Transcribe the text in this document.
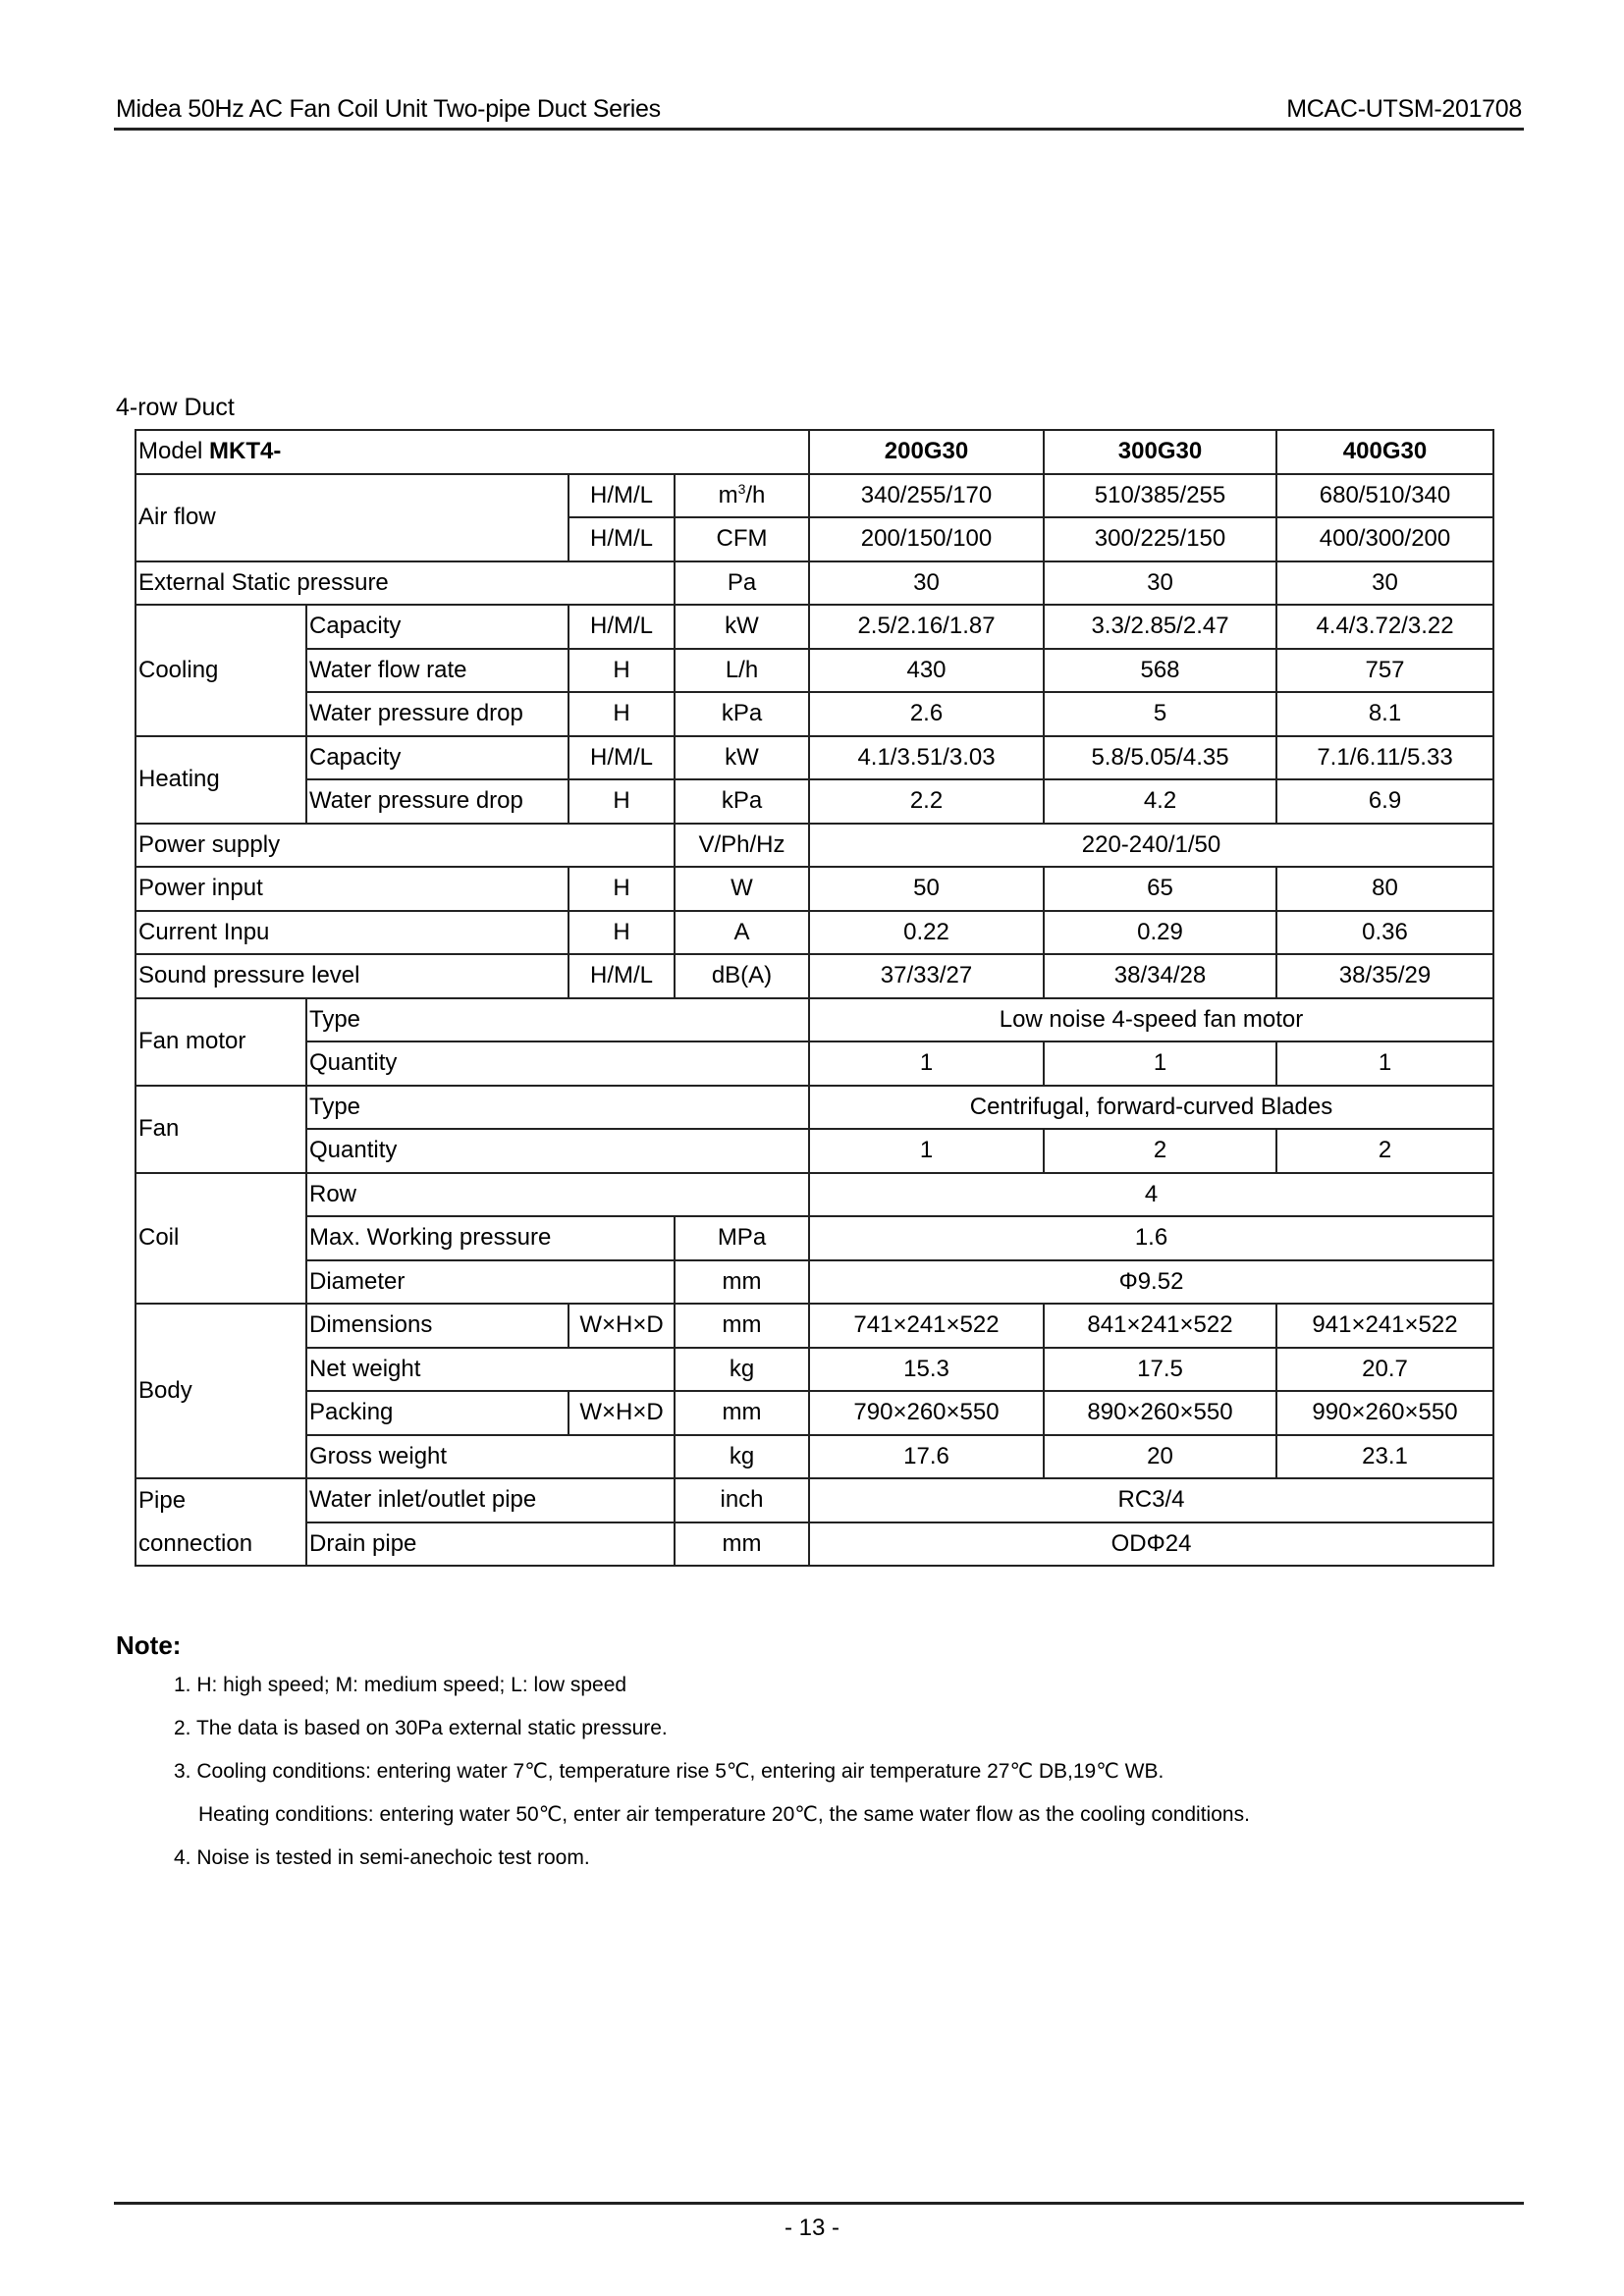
Midea 50Hz AC Fan Coil Unit Two-pipe Duct Series	MCAC-UTSM-201708
4-row Duct
Model MKT4-				200G30	300G30	400G30
Air flow		H/M/L	$m^3/h$	340/255/170	510/385/255	680/510/340
		H/M/L	CFM	200/150/100	300/225/150	400/300/200
External Static pressure			Pa	30	30	30
Cooling	Capacity	H/M/L	kW	2.5/2.16/1.87	3.3/2.85/2.47	4.4/3.72/3.22
	Water flow rate	H	L/h	430	568	757
	Water pressure drop	H	kPa	2.6	5	8.1
Heating	Capacity	H/M/L	kW	4.1/3.51/3.03	5.8/5.05/4.35	7.1/6.11/5.33
	Water pressure drop	H	kPa	2.2	4.2	6.9
Power supply			V/Ph/Hz	220-240/1/50		
Power input		H	W	50	65	80
Current Inpu		H	A	0.22	0.29	0.36
Sound pressure level		H/M/L	dB(A)	37/33/27	38/34/28	38/35/29
Fan motor	Type			Low noise 4-speed fan motor		
	Quantity			1	1	1
Fan	Type			Centrifugal, forward-curved Blades		
	Quantity			1	2	2
Coil	Row			4		
	Max. Working pressure		MPa	1.6		
	Diameter		mm	Φ9.52		
Body	Dimensions	W×H×D	mm	741×241×522	841×241×522	941×241×522
	Net weight		kg	15.3	17.5	20.7
	Packing	W×H×D	mm	790×260×550	890×260×550	990×260×550
	Gross weight		kg	17.6	20	23.1

Pipe
connection	Water inlet/outlet pipe		inch	RC3/4		
	Drain pipe		mm	ODΦ24		
Note:
1. H: high speed; M: medium speed; L: low speed
2. The data is based on 30Pa external static pressure.
3. Cooling conditions: entering water 7℃, temperature rise 5℃, entering air temperature 27℃ DB,19℃ WB.
Heating conditions: entering water 50℃, enter air temperature 20℃, the same water flow as the cooling conditions.
4. Noise is tested in semi-anechoic test room.
- 13 -
